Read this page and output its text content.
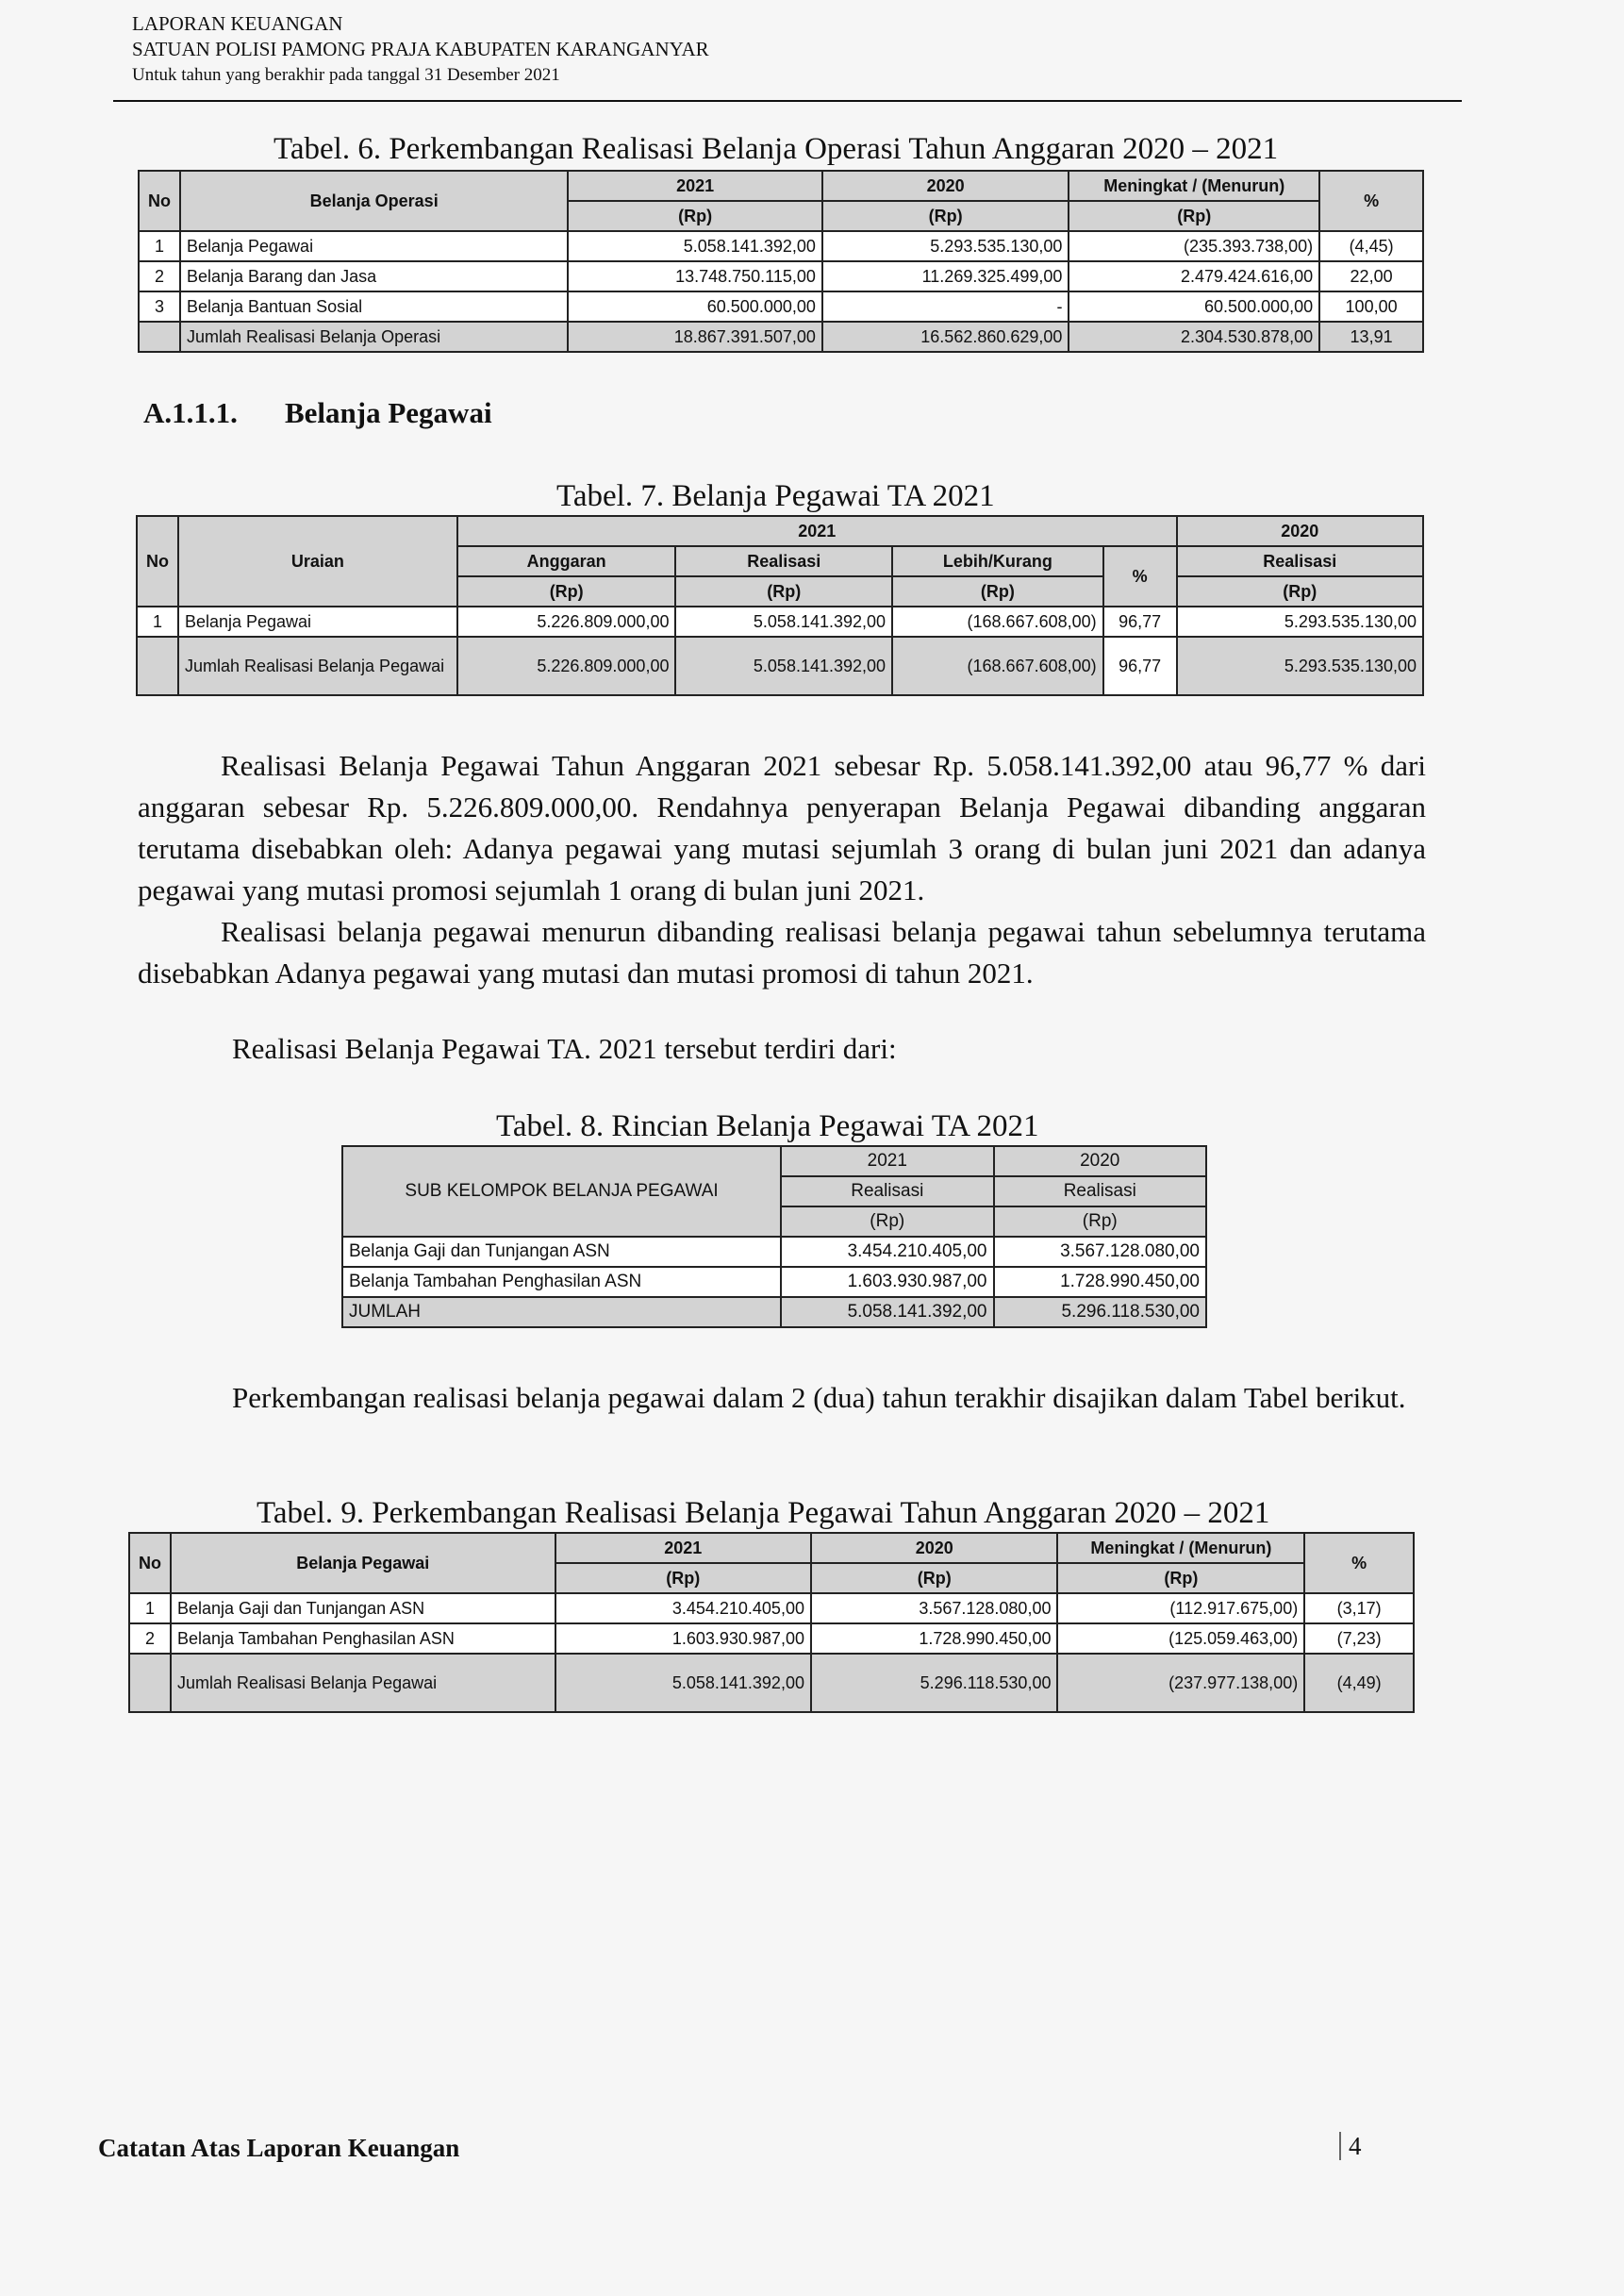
LAPORAN KEUANGAN
SATUAN POLISI PAMONG PRAJA KABUPATEN KARANGANYAR
Untuk tahun yang berakhir pada tanggal 31 Desember 2021
Tabel. 6. Perkembangan Realisasi Belanja Operasi Tahun Anggaran 2020 – 2021
No	Belanja Operasi	2021	2020	Meningkat / (Menurun)	%
		(Rp)	(Rp)	(Rp)	
1	Belanja Pegawai	5.058.141.392,00	5.293.535.130,00	(235.393.738,00)	(4,45)
2	Belanja Barang dan Jasa	13.748.750.115,00	11.269.325.499,00	2.479.424.616,00	22,00
3	Belanja Bantuan Sosial	60.500.000,00	-	60.500.000,00	100,00
	Jumlah Realisasi Belanja Operasi	18.867.391.507,00	16.562.860.629,00	2.304.530.878,00	13,91
A.1.1.1. Belanja Pegawai
Tabel. 7. Belanja Pegawai TA 2021
No	Uraian	2021				2020
		Anggaran	Realisasi	Lebih/Kurang	%	Realisasi
		(Rp)	(Rp)	(Rp)		(Rp)
1	Belanja Pegawai	5.226.809.000,00	5.058.141.392,00	(168.667.608,00)	96,77	5.293.535.130,00
	Jumlah Realisasi Belanja Pegawai	5.226.809.000,00	5.058.141.392,00	(168.667.608,00)	96,77	5.293.535.130,00

Realisasi Belanja Pegawai Tahun Anggaran 2021 sebesar Rp. 5.058.141.392,00 atau 96,77 % dari anggaran sebesar Rp. 5.226.809.000,00. Rendahnya penyerapan Belanja Pegawai dibanding anggaran terutama disebabkan oleh: Adanya pegawai yang mutasi sejumlah 3 orang di bulan juni 2021 dan adanya pegawai yang mutasi promosi sejumlah 1 orang di bulan juni 2021.

Realisasi belanja pegawai menurun dibanding realisasi belanja pegawai tahun sebelumnya terutama disebabkan Adanya pegawai yang mutasi dan mutasi promosi di tahun 2021.

Realisasi Belanja Pegawai TA. 2021 tersebut terdiri dari:

Tabel. 8. Rincian Belanja Pegawai TA 2021
SUB KELOMPOK BELANJA PEGAWAI	2021	2020
	Realisasi	Realisasi
	(Rp)	(Rp)
Belanja Gaji dan Tunjangan ASN	3.454.210.405,00	3.567.128.080,00
Belanja Tambahan Penghasilan ASN	1.603.930.987,00	1.728.990.450,00
JUMLAH	5.058.141.392,00	5.296.118.530,00

Perkembangan realisasi belanja pegawai dalam 2 (dua) tahun terakhir disajikan dalam Tabel berikut.

Tabel. 9. Perkembangan Realisasi Belanja Pegawai Tahun Anggaran 2020 – 2021
No	Belanja Pegawai	2021	2020	Meningkat / (Menurun)	%
		(Rp)	(Rp)	(Rp)	
1	Belanja Gaji dan Tunjangan ASN	3.454.210.405,00	3.567.128.080,00	(112.917.675,00)	(3,17)
2	Belanja Tambahan Penghasilan ASN	1.603.930.987,00	1.728.990.450,00	(125.059.463,00)	(7,23)
	Jumlah Realisasi Belanja Pegawai	5.058.141.392,00	5.296.118.530,00	(237.977.138,00)	(4,49)
Catatan Atas Laporan Keuangan	4
